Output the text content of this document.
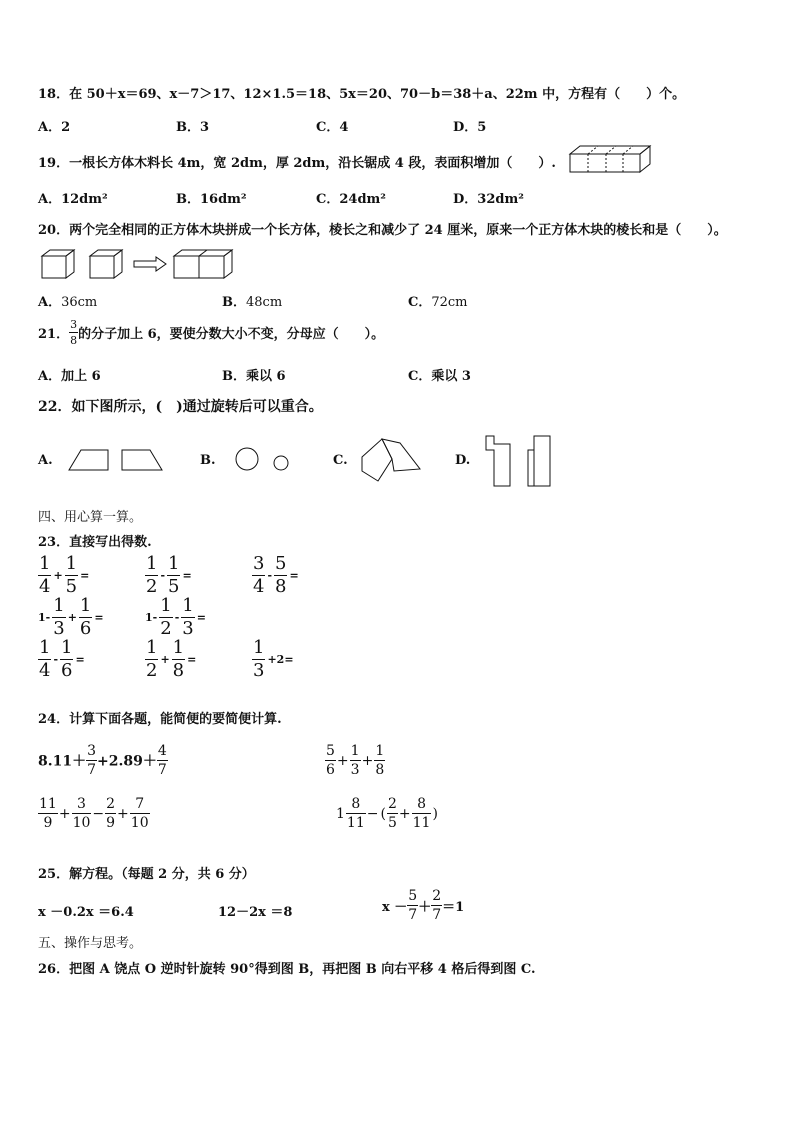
18．在 50＋x＝69、x－7＞17、12×1.5＝18、5x＝20、70－b＝38＋a、22m 中，方程有（　　）个。
A．2	B．3	C．4	D．5
19．一根长方体木料长 4m，宽 2dm，厚 2dm，沿长锯成 4 段，表面积增加（　　）.
A．12dm²	B．16dm²	C．24dm²	D．32dm²
20．两个完全相同的正方体木块拼成一个长方体，棱长之和减少了 24 厘米，原来一个正方体木块的棱长和是（　　）。
A．36cm	B．48cm	C．72cm
21． $\frac{3}{8}$ 的分子加上 6，要使分数大小不变，分母应（　　）。
A．加上 6	B．乘以 6	C．乘以 3
22．如下图所示，(　)通过旋转后可以重合。
A.	B.	C.	D.
四、用心算一算。
23．直接写出得数.
$\frac{1}{4} + \frac{1}{5}$ =	$\frac{1}{2} - \frac{1}{5}$ =	$\frac{3}{4} - \frac{5}{8}$ =
$1- \frac{1}{3} + \frac{1}{6}$ =	$1- \frac{1}{2} - \frac{1}{3}$ =
$\frac{1}{4} - \frac{1}{6}$ =	$\frac{1}{2} + \frac{1}{8}$ =	$\frac{1}{3} +2=$
24．计算下面各题，能简便的要简便计算.
$8.11+ \frac{3}{7} +2.89+ \frac{4}{7}$	$\frac{5}{6} + \frac{1}{3} + \frac{1}{8}$
$\frac{11}{9} + \frac{3}{10} - \frac{2}{9} + \frac{7}{10}$	$1 \frac{8}{11}$ − ( $\frac{2}{5} + \frac{8}{11}$ )
25．解方程。（每题 2 分，共 6 分）
x －0.2x ＝6.4	12－2x ＝8	$x - \frac{5}{7} + \frac{2}{7} =1$
五、操作与思考。
26．把图 A 饶点 O 逆时针旋转 90°得到图 B，再把图 B 向右平移 4 格后得到图 C.
